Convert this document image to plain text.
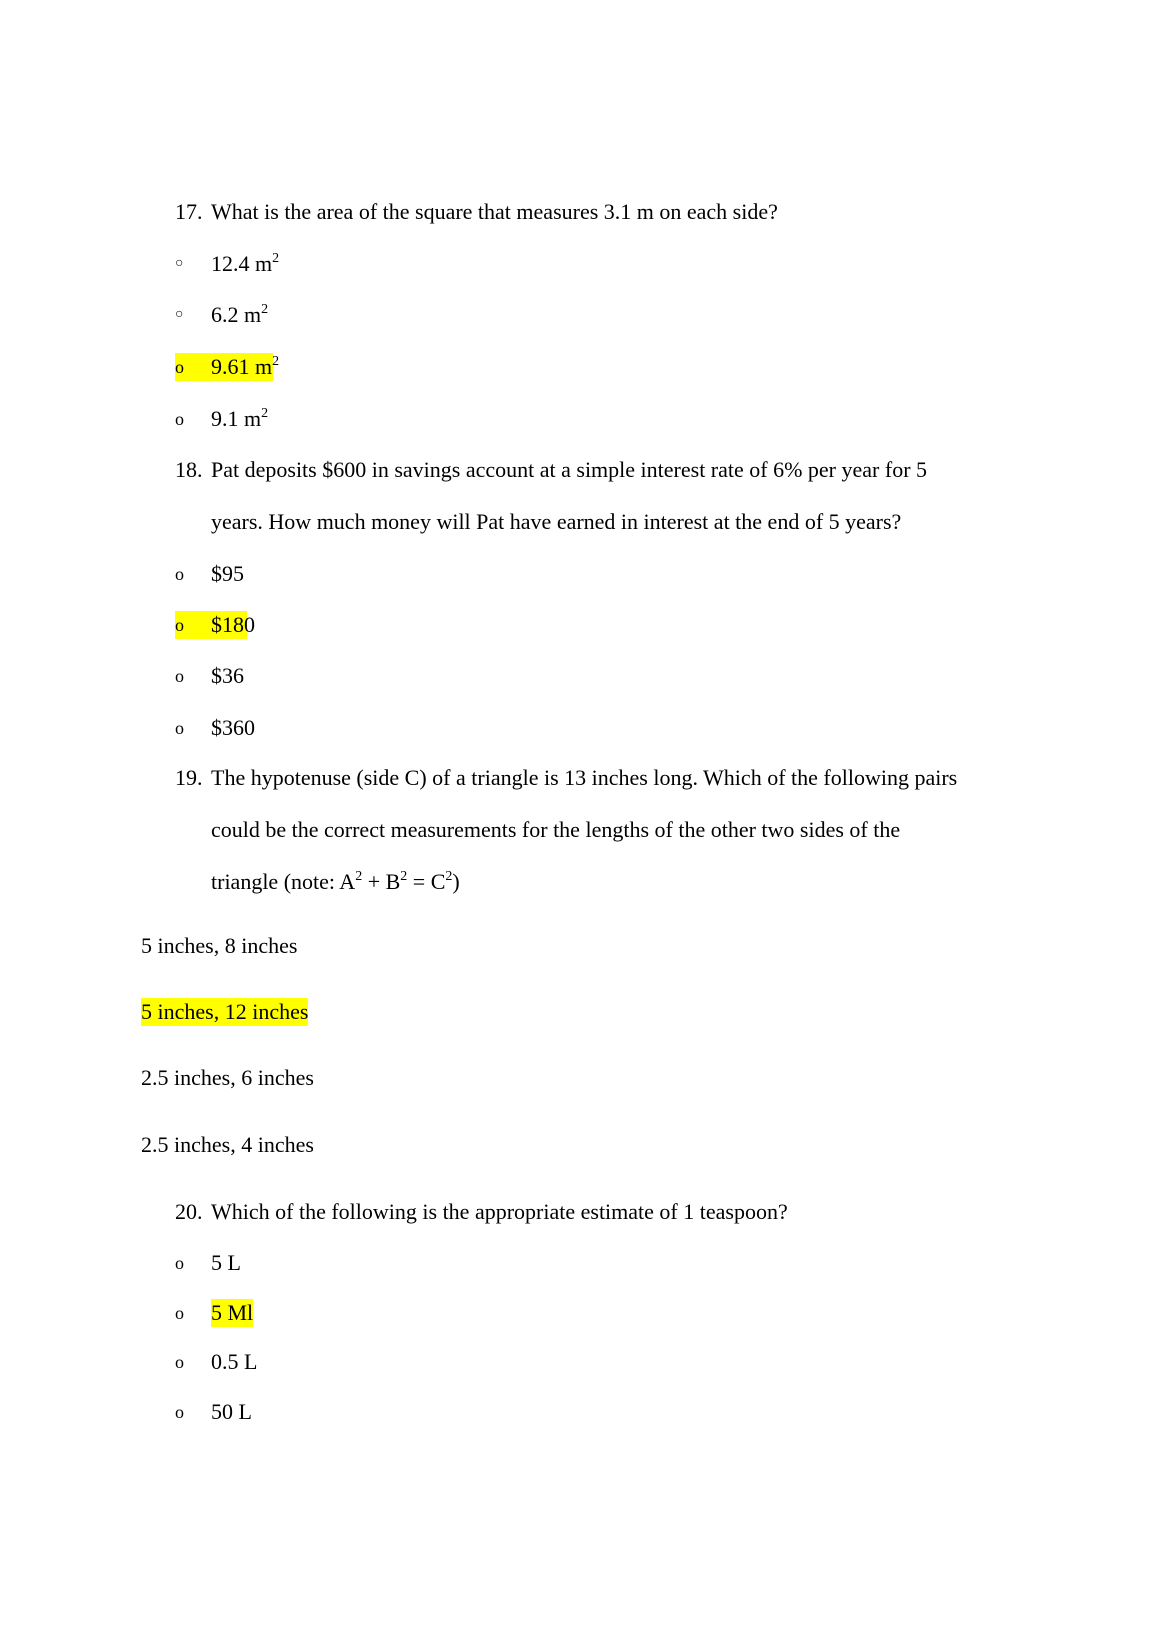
17. What is the area of the square that measures 3.1 m on each side?
○	12.4 $m^2$
○	6.2 $m^2$
o	9.61 $m^2$
o	9.1 $m^2$
18. Pat deposits $600 in savings account at a simple interest rate of 6% per year for 5
years. How much money will Pat have earned in interest at the end of 5 years?
o	$95
o	$180
o	$36
o	$360
19. The hypotenuse (side C) of a triangle is 13 inches long. Which of the following pairs
could be the correct measurements for the lengths of the other two sides of the
triangle (note: $A^2 + B^2 = C^2$)
5 inches, 8 inches
5 inches, 12 inches
2.5 inches, 6 inches
2.5 inches, 4 inches
20. Which of the following is the appropriate estimate of 1 teaspoon?
o	5 L
o	5 Ml
o	0.5 L
o	50 L
